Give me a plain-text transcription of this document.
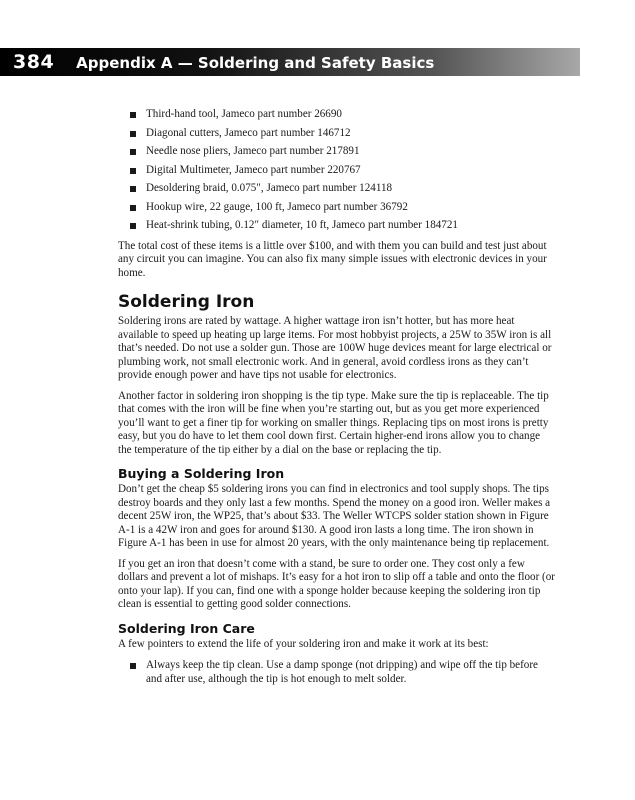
384 Appendix A — Soldering and Safety Basics
Third-hand tool, Jameco part number 26690
Diagonal cutters, Jameco part number 146712
Needle nose pliers, Jameco part number 217891
Digital Multimeter, Jameco part number 220767
Desoldering braid, 0.075″, Jameco part number 124118
Hookup wire, 22 gauge, 100 ft, Jameco part number 36792
Heat-shrink tubing, 0.12″ diameter, 10 ft, Jameco part number 184721

The total cost of these items is a little over $100, and with them you can build and test just about any circuit you can imagine. You can also fix many simple issues with electronic devices in your home.

Soldering Iron

Soldering irons are rated by wattage. A higher wattage iron isn’t hotter, but has more heat available to speed up heating up large items. For most hobbyist projects, a 25W to 35W iron is all that’s needed. Do not use a solder gun. Those are 100W huge devices meant for large electrical or plumbing work, not small electronic work. And in general, avoid cordless irons as they can’t provide enough power and have tips not usable for electronics.

Another factor in soldering iron shopping is the tip type. Make sure the tip is replaceable. The tip that comes with the iron will be fine when you’re starting out, but as you get more experienced you’ll want to get a finer tip for working on smaller things. Replacing tips on most irons is pretty easy, but you do have to let them cool down first. Certain higher-end irons allow you to change the temperature of the tip either by a dial on the base or replacing the tip.

Buying a Soldering Iron

Don’t get the cheap $5 soldering irons you can find in electronics and tool supply shops. The tips destroy boards and they only last a few months. Spend the money on a good iron. Weller makes a decent 25W iron, the WP25, that’s about $33. The Weller WTCPS solder station shown in Figure A-1 is a 42W iron and goes for around $130. A good iron lasts a long time. The iron shown in Figure A-1 has been in use for almost 20 years, with the only maintenance being tip replacement.

If you get an iron that doesn’t come with a stand, be sure to order one. They cost only a few dollars and prevent a lot of mishaps. It’s easy for a hot iron to slip off a table and onto the floor (or onto your lap). If you can, find one with a sponge holder because keeping the soldering iron tip clean is essential to getting good solder connections.

Soldering Iron Care

A few pointers to extend the life of your soldering iron and make it work at its best:

Always keep the tip clean. Use a damp sponge (not dripping) and wipe off the tip before and after use, although the tip is hot enough to melt solder.
